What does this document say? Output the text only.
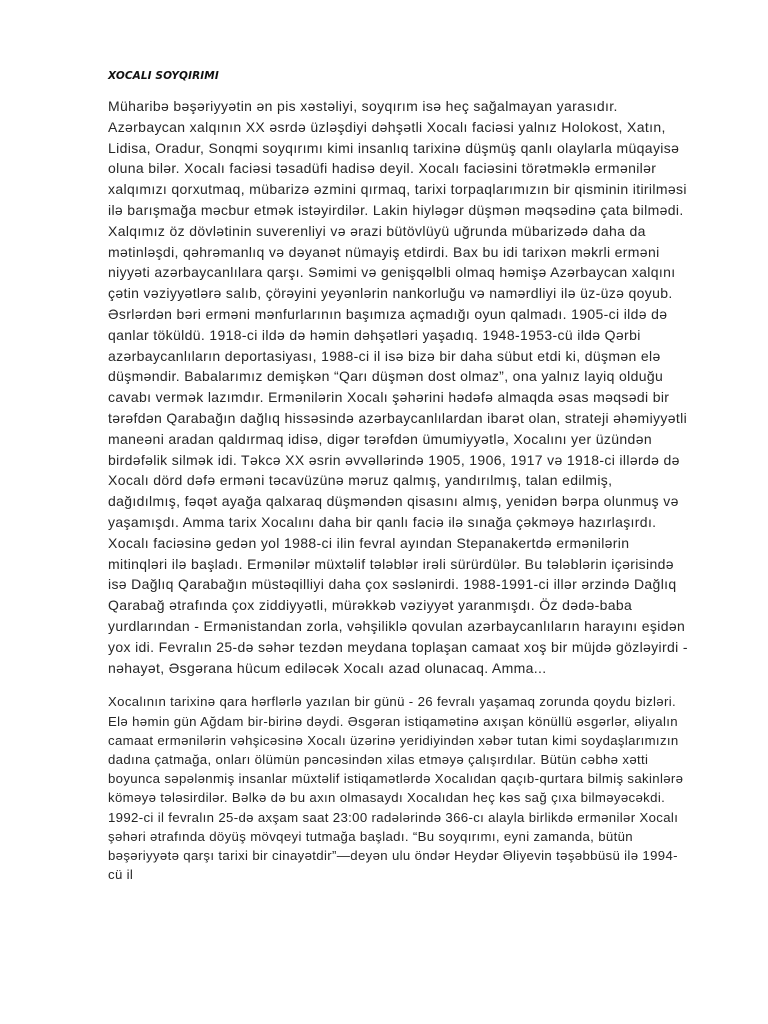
XOCALI SOYQIRIMI

Müharibə bəşəriyyətin ən pis xəstəliyi, soyqırım isə heç sağalmayan yarasıdır. Azərbaycan xalqının XX əsrdə üzləşdiyi dəhşətli Xocalı faciəsi yalnız Holokost, Xatın, Lidisa, Oradur, Sonqmi soyqırımı kimi insanlıq tarixinə düşmüş qanlı olaylarla müqayisə oluna bilər. Xocalı faciəsi təsadüfi hadisə deyil. Xocalı faciəsini törətməklə ermənilər xalqımızı qorxutmaq, mübarizə əzmini qırmaq, tarixi torpaqlarımızın bir qisminin itirilməsi ilə barışmağa məcbur etmək istəyirdilər. Lakin hiyləgər düşmən məqsədinə çata bilmədi. Xalqımız öz dövlətinin suverenliyi və ərazi bütövlüyü uğrunda mübarizədə daha da mətinləşdi, qəhrəmanlıq və dəyanət nümayiş etdirdi. Bax bu idi tarixən məkrli erməni niyyəti azərbaycanlılara qarşı. Səmimi və genişqəlbli olmaq həmişə Azərbaycan xalqını çətin vəziyyətlərə salıb, çörəyini yeyənlərin nankorluğu və namərdliyi ilə üz-üzə qoyub. Əsrlərdən bəri erməni mənfurlarının başımıza açmadığı oyun qalmadı. 1905-ci ildə də qanlar töküldü. 1918-ci ildə də həmin dəhşətləri yaşadıq. 1948-1953-cü ildə Qərbi azərbaycanlıların deportasiyası, 1988-ci il isə bizə bir daha sübut etdi ki, düşmən elə düşməndir. Babalarımız demişkən “Qarı düşmən dost olmaz”, ona yalnız layiq olduğu cavabı vermək lazımdır. Ermənilərin Xocalı şəhərini hədəfə almaqda əsas məqsədi bir tərəfdən Qarabağın dağlıq hissəsində azərbaycanlılardan ibarət olan, strateji əhəmiyyətli maneəni aradan qaldırmaq idisə, digər tərəfdən ümumiyyətlə, Xocalını yer üzündən birdəfəlik silmək idi. Təkcə XX əsrin əvvəllərində 1905, 1906, 1917 və 1918-ci illərdə də Xocalı dörd dəfə erməni təcavüzünə məruz qalmış, yandırılmış, talan edilmiş, dağıdılmış, fəqət ayağa qalxaraq düşməndən qisasını almış, yenidən bərpa olunmuş və yaşamışdı. Amma tarix Xocalını daha bir qanlı faciə ilə sınağa çəkməyə hazırlaşırdı. Xocalı faciəsinə gedən yol 1988-ci ilin fevral ayından Stepanakertdə ermənilərin mitinqləri ilə başladı. Ermənilər müxtəlif tələblər irəli sürürdülər. Bu tələblərin içərisində isə Dağlıq Qarabağın müstəqilliyi daha çox səslənirdi. 1988-1991-ci illər ərzində Dağlıq Qarabağ ətrafında çox ziddiyyətli, mürəkkəb vəziyyət yaranmışdı. Öz dədə-baba yurdlarından - Ermənistandan zorla, vəhşiliklə qovulan azərbaycanlıların harayını eşidən yox idi. Fevralın 25-də səhər tezdən meydana toplaşan camaat xoş bir müjdə gözləyirdi - nəhayət, Əsgərana hücum ediləcək Xocalı azad olunacaq. Amma...

Xocalının tarixinə qara hərflərlə yazılan bir günü - 26 fevralı yaşamaq zorunda qoydu bizləri. Elə həmin gün Ağdam bir-birinə dəydi. Əsgəran istiqamətinə axışan könüllü əsgərlər, əliyalın camaat ermənilərin vəhşicəsinə Xocalı üzərinə yeridiyindən xəbər tutan kimi soydaşlarımızın dadına çatmağa, onları ölümün pəncəsindən xilas etməyə çalışırdılar. Bütün cəbhə xətti boyunca səpələnmiş insanlar müxtəlif istiqamətlərdə Xocalıdan qaçıb-qurtara bilmiş sakinlərə köməyə tələsirdilər. Bəlkə də bu axın olmasaydı Xocalıdan heç kəs sağ çıxa bilməyəcəkdi. 1992-ci il fevralın 25-də axşam saat 23:00 radələrində 366-cı alayla birlikdə ermənilər Xocalı şəhəri ətrafında döyüş mövqeyi tutmağa başladı. “Bu soyqırımı, eyni zamanda, bütün bəşəriyyətə qarşı tarixi bir cinayətdir”—deyən ulu öndər Heydər Əliyevin təşəbbüsü ilə 1994-cü il
